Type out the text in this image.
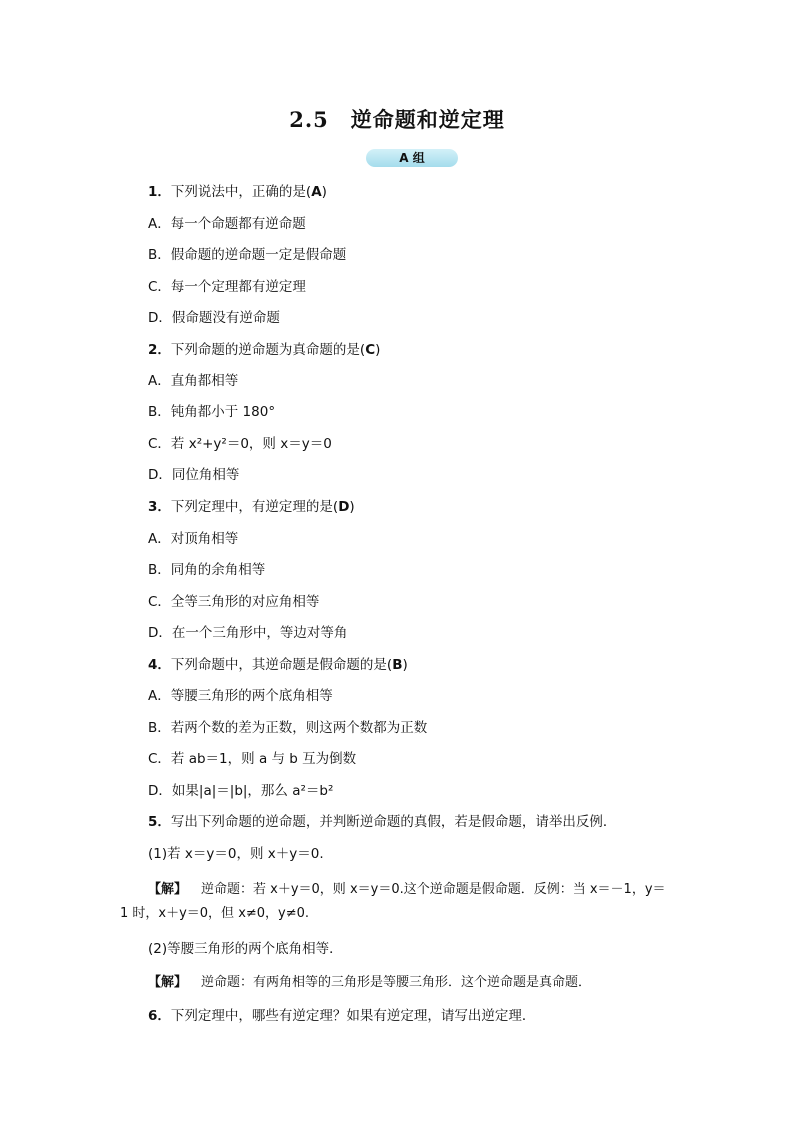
2.5　逆命题和逆定理
A 组
1．下列说法中，正确的是(A)
A．每一个命题都有逆命题
B．假命题的逆命题一定是假命题
C．每一个定理都有逆定理
D．假命题没有逆命题
2．下列命题的逆命题为真命题的是(C)
A．直角都相等
B．钝角都小于 180°
C．若 x²+y²＝0，则 x＝y＝0
D．同位角相等
3．下列定理中，有逆定理的是(D)
A．对顶角相等
B．同角的余角相等
C．全等三角形的对应角相等
D．在一个三角形中，等边对等角
4．下列命题中，其逆命题是假命题的是(B)
A．等腰三角形的两个底角相等
B．若两个数的差为正数，则这两个数都为正数
C．若 ab＝1，则 a 与 b 互为倒数
D．如果|a|＝|b|，那么 a²＝b²
5．写出下列命题的逆命题，并判断逆命题的真假，若是假命题，请举出反例．
(1)若 x＝y＝0，则 x＋y＝0.
【解】 逆命题：若 x＋y＝0，则 x＝y＝0.这个逆命题是假命题．反例：当 x＝－1，y＝
1 时，x＋y＝0，但 x≠0，y≠0.
(2)等腰三角形的两个底角相等．
【解】 逆命题：有两角相等的三角形是等腰三角形．这个逆命题是真命题．
6．下列定理中，哪些有逆定理？如果有逆定理，请写出逆定理．
